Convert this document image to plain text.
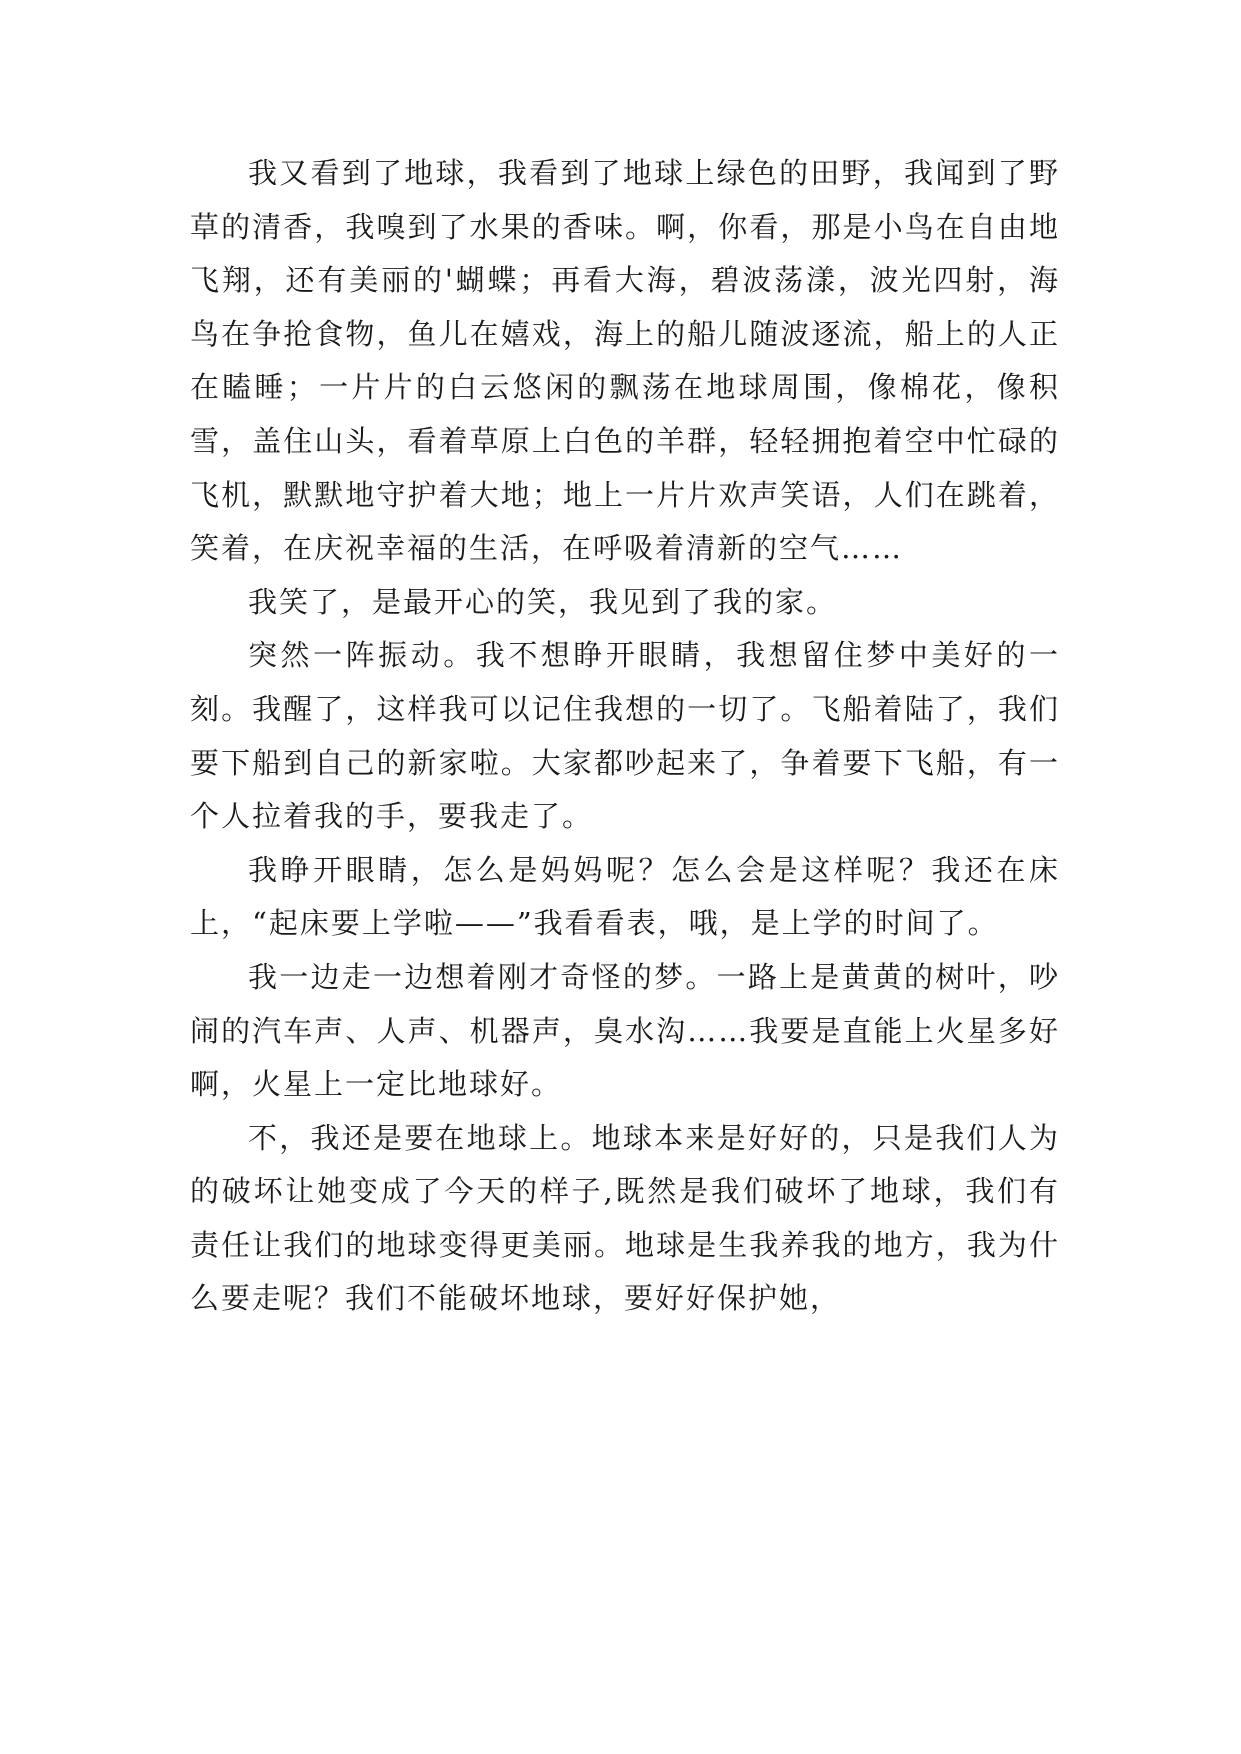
我又看到了地球，我看到了地球上绿色的田野，我闻到了野草的清香，我嗅到了水果的香味。啊，你看，那是小鸟在自由地飞翔，还有美丽的'蝴蝶；再看大海，碧波荡漾，波光四射，海鸟在争抢食物，鱼儿在嬉戏，海上的船儿随波逐流，船上的人正在瞌睡；一片片的白云悠闲的飘荡在地球周围，像棉花，像积雪，盖住山头，看着草原上白色的羊群，轻轻拥抱着空中忙碌的飞机，默默地守护着大地；地上一片片欢声笑语，人们在跳着，笑着，在庆祝幸福的生活，在呼吸着清新的空气……

我笑了，是最开心的笑，我见到了我的家。

突然一阵振动。我不想睁开眼睛，我想留住梦中美好的一刻。我醒了，这样我可以记住我想的一切了。飞船着陆了，我们要下船到自己的新家啦。大家都吵起来了，争着要下飞船，有一个人拉着我的手，要我走了。

我睁开眼睛，怎么是妈妈呢？怎么会是这样呢？我还在床上，“起床要上学啦——”我看看表，哦，是上学的时间了。

我一边走一边想着刚才奇怪的梦。一路上是黄黄的树叶，吵闹的汽车声、人声、机器声，臭水沟……我要是直能上火星多好啊，火星上一定比地球好。

不，我还是要在地球上。地球本来是好好的，只是我们人为的破坏让她变成了今天的样子,既然是我们破坏了地球，我们有责任让我们的地球变得更美丽。地球是生我养我的地方，我为什么要走呢？我们不能破坏地球，要好好保护她，
